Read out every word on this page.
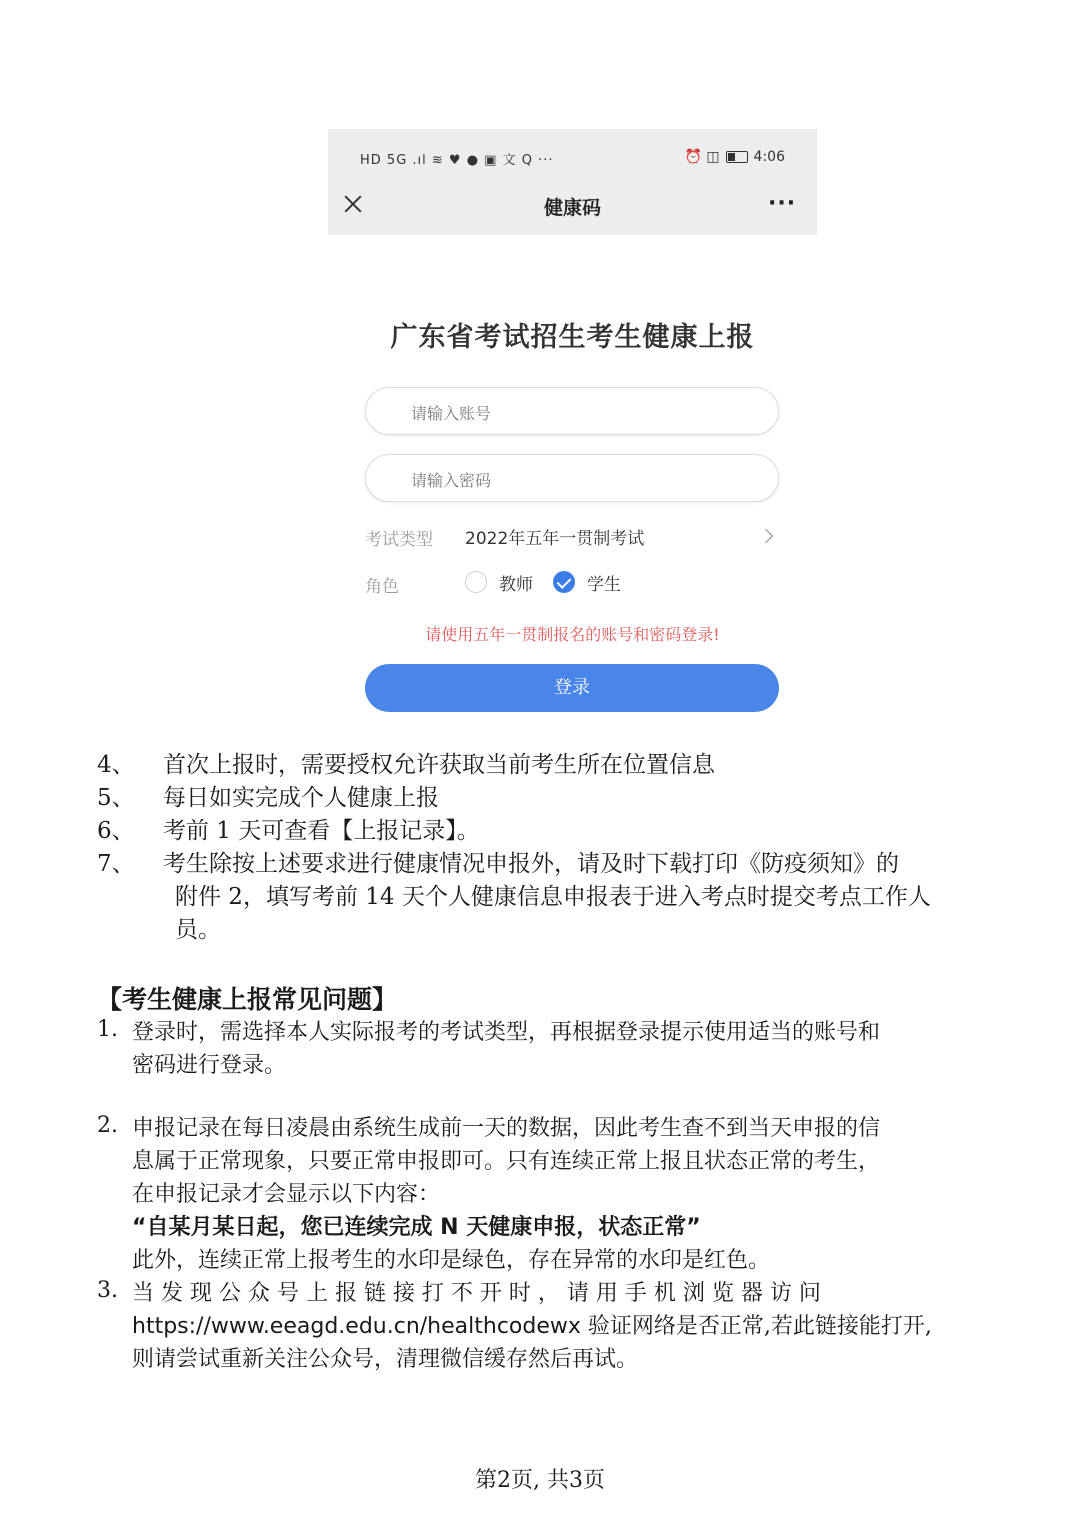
HD 5G .ıl ≋ ♥ ● ▣ 文 Q ···	⏰ ◫ 4:06
健康码	···
广东省考试招生考生健康上报
请输入账号
请输入密码
考试类型 2022年五年一贯制考试
角色	教师	学生
请使用五年一贯制报名的账号和密码登录!
登录
4、 首次上报时，需要授权允许获取当前考生所在位置信息
5、 每日如实完成个人健康上报
6、 考前 1 天可查看【上报记录】。
7、 考生除按上述要求进行健康情况申报外，请及时下载打印《防疫须知》的
附件 2，填写考前 14 天个人健康信息申报表于进入考点时提交考点工作人
员。
【考生健康上报常见问题】
1. 登录时，需选择本人实际报考的考试类型，再根据登录提示使用适当的账号和
密码进行登录。
2. 申报记录在每日凌晨由系统生成前一天的数据，因此考生查不到当天申报的信
息属于正常现象，只要正常申报即可。只有连续正常上报且状态正常的考生，
在申报记录才会显示以下内容：
“自某月某日起，您已连续完成 N 天健康申报，状态正常”
此外，连续正常上报考生的水印是绿色，存在异常的水印是红色。
3. 当 发 现 公 众 号 上 报 链 接 打 不 开 时 ， 请 用 手 机 浏 览 器 访 问
https://www.eeagd.edu.cn/healthcodewx 验证网络是否正常,若此链接能打开,
则请尝试重新关注公众号，清理微信缓存然后再试。
第2页, 共3页
